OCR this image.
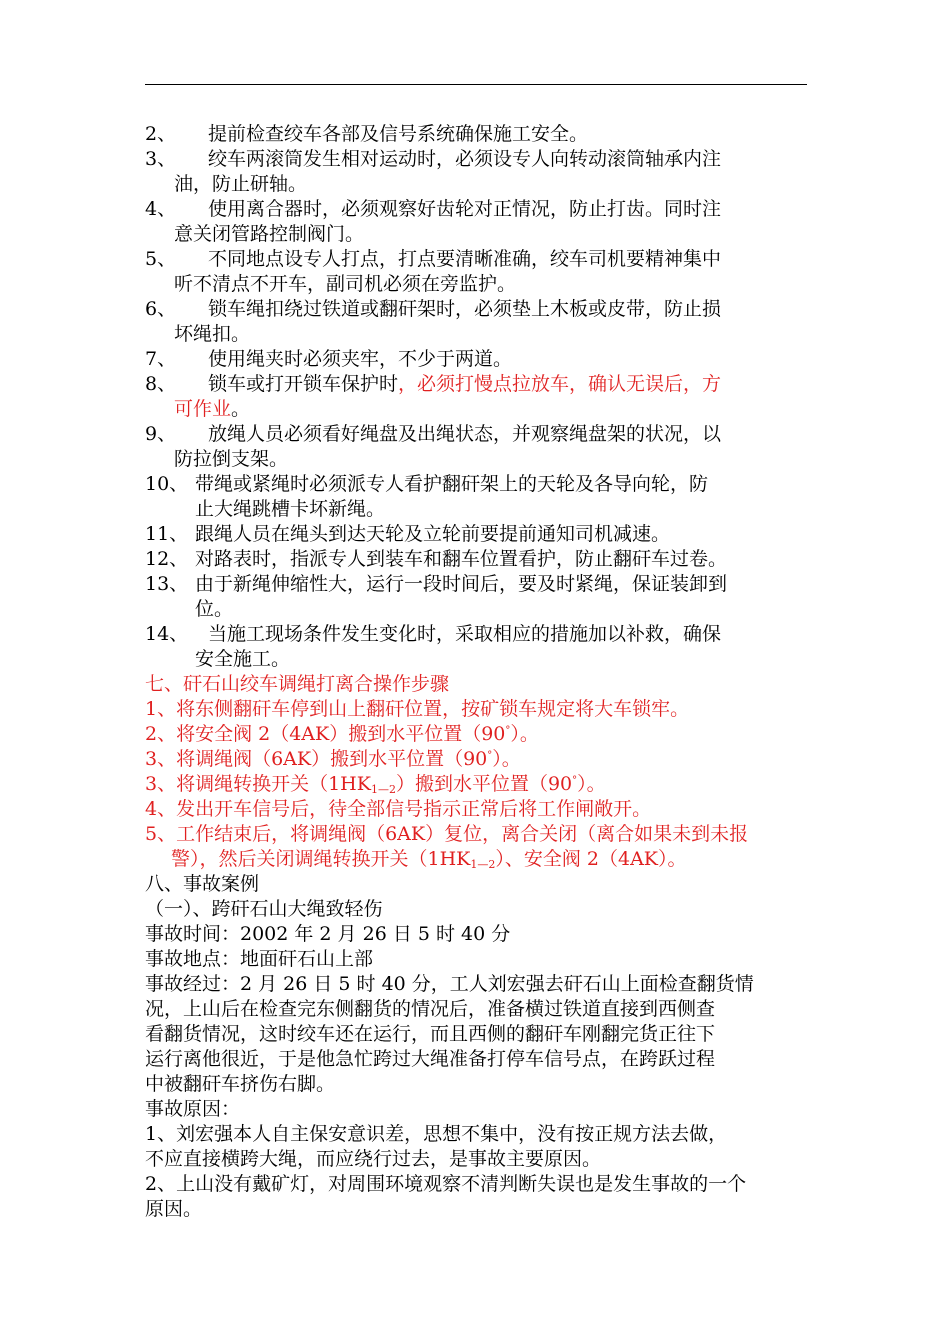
2、 提前检查绞车各部及信号系统确保施工安全。
3、 绞车两滚筒发生相对运动时，必须设专人向转动滚筒轴承内注
油，防止研轴。
4、 使用离合器时，必须观察好齿轮对正情况，防止打齿。同时注
意关闭管路控制阀门。
5、 不同地点设专人打点，打点要清晰准确，绞车司机要精神集中
听不清点不开车，副司机必须在旁监护。
6、 锁车绳扣绕过铁道或翻矸架时，必须垫上木板或皮带，防止损
坏绳扣。
7、 使用绳夹时必须夹牢，不少于两道。
8、 锁车或打开锁车保护时，必须打慢点拉放车，确认无误后，方
可作业。
9、 放绳人员必须看好绳盘及出绳状态，并观察绳盘架的状况，以
防拉倒支架。
10、 带绳或紧绳时必须派专人看护翻矸架上的天轮及各导向轮，防
止大绳跳槽卡坏新绳。
11、 跟绳人员在绳头到达天轮及立轮前要提前通知司机减速。
12、 对路表时，指派专人到装车和翻车位置看护，防止翻矸车过卷。
13、 由于新绳伸缩性大，运行一段时间后，要及时紧绳，保证装卸到
位。
14、 当施工现场条件发生变化时，采取相应的措施加以补救，确保
安全施工。
七、矸石山绞车调绳打离合操作步骤
1、将东侧翻矸车停到山上翻矸位置，按矿锁车规定将大车锁牢。
2、将安全阀 2（4AK）搬到水平位置（90°）。
3、将调绳阀（6AK）搬到水平位置（90°）。
3、将调绳转换开关$(1HK_{1—2})$搬到水平位置（90°）。
4、发出开车信号后，待全部信号指示正常后将工作闸敞开。
5、工作结束后，将调绳阀（6AK）复位，离合关闭（离合如果未到未报
警），然后关闭调绳转换开关$(1HK_{1—2})$、安全阀 2（4AK）。
八、事故案例
（一）、跨矸石山大绳致轻伤
事故时间：2002 年 2 月 26 日 5 时 40 分
事故地点：地面矸石山上部
事故经过：2 月 26 日 5 时 40 分，工人刘宏强去矸石山上面检查翻货情
况，上山后在检查完东侧翻货的情况后，准备横过铁道直接到西侧查
看翻货情况，这时绞车还在运行，而且西侧的翻矸车刚翻完货正往下
运行离他很近，于是他急忙跨过大绳准备打停车信号点，在跨跃过程
中被翻矸车挤伤右脚。
事故原因：
1、刘宏强本人自主保安意识差，思想不集中，没有按正规方法去做，
不应直接横跨大绳，而应绕行过去，是事故主要原因。
2、上山没有戴矿灯，对周围环境观察不清判断失误也是发生事故的一个
原因。
